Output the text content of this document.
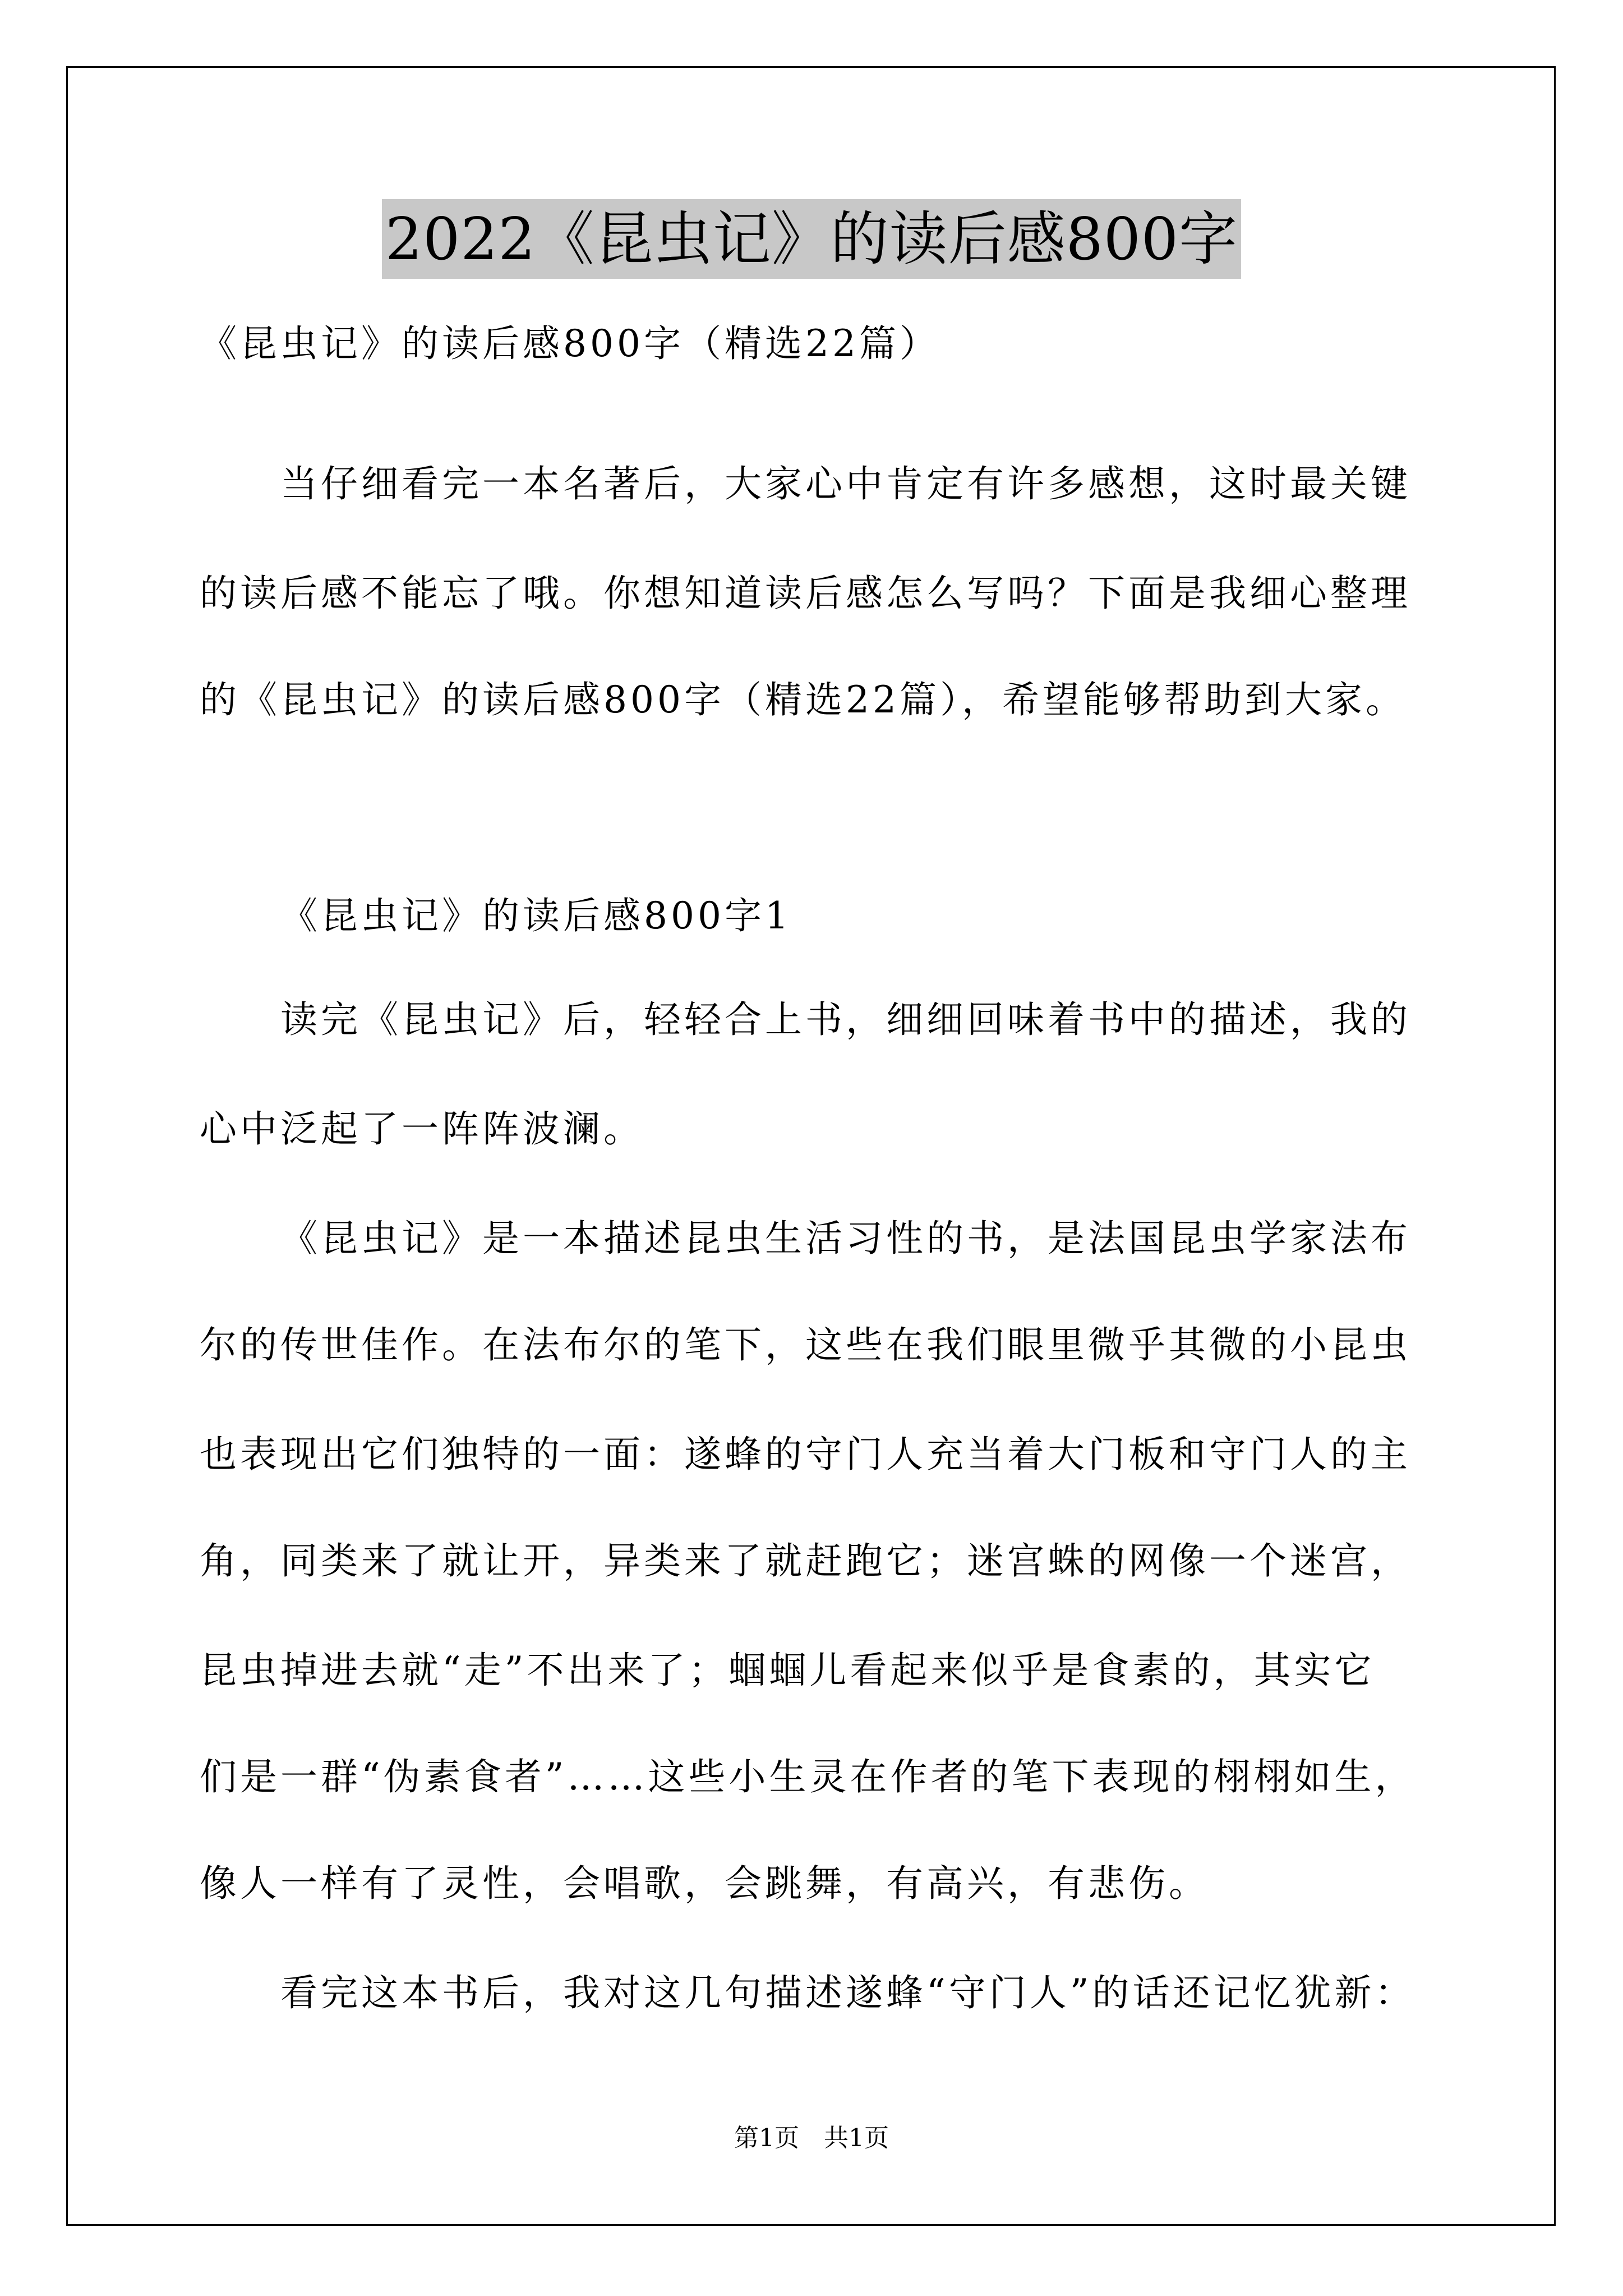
2022《昆虫记》的读后感800字
《昆虫记》的读后感800字（精选22篇）
当仔细看完一本名著后，大家心中肯定有许多感想，这时最关键
的读后感不能忘了哦。你想知道读后感怎么写吗？下面是我细心整理
的《昆虫记》的读后感800字（精选22篇），希望能够帮助到大家。
《昆虫记》的读后感800字1
读完《昆虫记》后，轻轻合上书，细细回味着书中的描述，我的
心中泛起了一阵阵波澜。
《昆虫记》是一本描述昆虫生活习性的书，是法国昆虫学家法布
尔的传世佳作。在法布尔的笔下，这些在我们眼里微乎其微的小昆虫
也表现出它们独特的一面：遂蜂的守门人充当着大门板和守门人的主
角，同类来了就让开，异类来了就赶跑它；迷宫蛛的网像一个迷宫，
昆虫掉进去就“走”不出来了；蝈蝈儿看起来似乎是食素的，其实它
们是一群“伪素食者”……这些小生灵在作者的笔下表现的栩栩如生，
像人一样有了灵性，会唱歌，会跳舞，有高兴，有悲伤。
看完这本书后，我对这几句描述遂蜂“守门人”的话还记忆犹新：
第1页　共1页
